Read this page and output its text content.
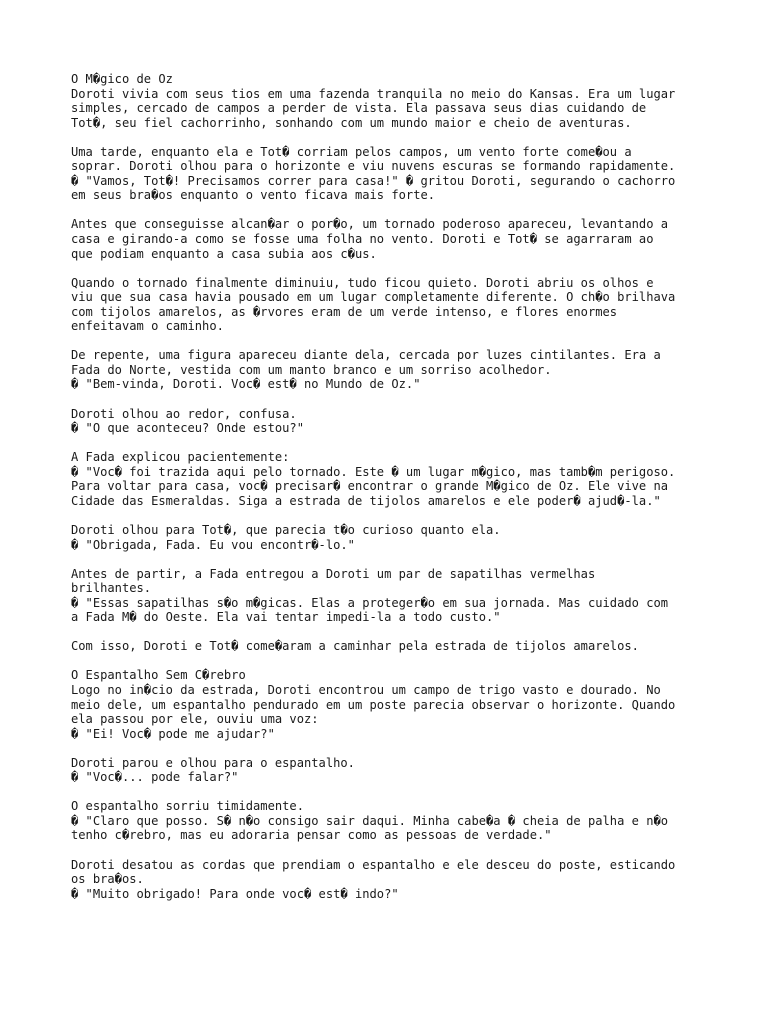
O M�gico de Oz
Doroti vivia com seus tios em uma fazenda tranquila no meio do Kansas. Era um lugar
simples, cercado de campos a perder de vista. Ela passava seus dias cuidando de
Tot�, seu fiel cachorrinho, sonhando com um mundo maior e cheio de aventuras.
Uma tarde, enquanto ela e Tot� corriam pelos campos, um vento forte come�ou a
soprar. Doroti olhou para o horizonte e viu nuvens escuras se formando rapidamente.
� "Vamos, Tot�! Precisamos correr para casa!" � gritou Doroti, segurando o cachorro
em seus bra�os enquanto o vento ficava mais forte.
Antes que conseguisse alcan�ar o por�o, um tornado poderoso apareceu, levantando a
casa e girando-a como se fosse uma folha no vento. Doroti e Tot� se agarraram ao
que podiam enquanto a casa subia aos c�us.
Quando o tornado finalmente diminuiu, tudo ficou quieto. Doroti abriu os olhos e
viu que sua casa havia pousado em um lugar completamente diferente. O ch�o brilhava
com tijolos amarelos, as �rvores eram de um verde intenso, e flores enormes
enfeitavam o caminho.
De repente, uma figura apareceu diante dela, cercada por luzes cintilantes. Era a
Fada do Norte, vestida com um manto branco e um sorriso acolhedor.
� "Bem-vinda, Doroti. Voc� est� no Mundo de Oz."
Doroti olhou ao redor, confusa.
� "O que aconteceu? Onde estou?"
A Fada explicou pacientemente:
� "Voc� foi trazida aqui pelo tornado. Este � um lugar m�gico, mas tamb�m perigoso.
Para voltar para casa, voc� precisar� encontrar o grande M�gico de Oz. Ele vive na
Cidade das Esmeraldas. Siga a estrada de tijolos amarelos e ele poder� ajud�-la."
Doroti olhou para Tot�, que parecia t�o curioso quanto ela.
� "Obrigada, Fada. Eu vou encontr�-lo."
Antes de partir, a Fada entregou a Doroti um par de sapatilhas vermelhas
brilhantes.
� "Essas sapatilhas s�o m�gicas. Elas a proteger�o em sua jornada. Mas cuidado com
a Fada M� do Oeste. Ela vai tentar impedi-la a todo custo."
Com isso, Doroti e Tot� come�aram a caminhar pela estrada de tijolos amarelos.
O Espantalho Sem C�rebro
Logo no in�cio da estrada, Doroti encontrou um campo de trigo vasto e dourado. No
meio dele, um espantalho pendurado em um poste parecia observar o horizonte. Quando
ela passou por ele, ouviu uma voz:
� "Ei! Voc� pode me ajudar?"
Doroti parou e olhou para o espantalho.
� "Voc�... pode falar?"
O espantalho sorriu timidamente.
� "Claro que posso. S� n�o consigo sair daqui. Minha cabe�a � cheia de palha e n�o
tenho c�rebro, mas eu adoraria pensar como as pessoas de verdade."
Doroti desatou as cordas que prendiam o espantalho e ele desceu do poste, esticando
os bra�os.
� "Muito obrigado! Para onde voc� est� indo?"
